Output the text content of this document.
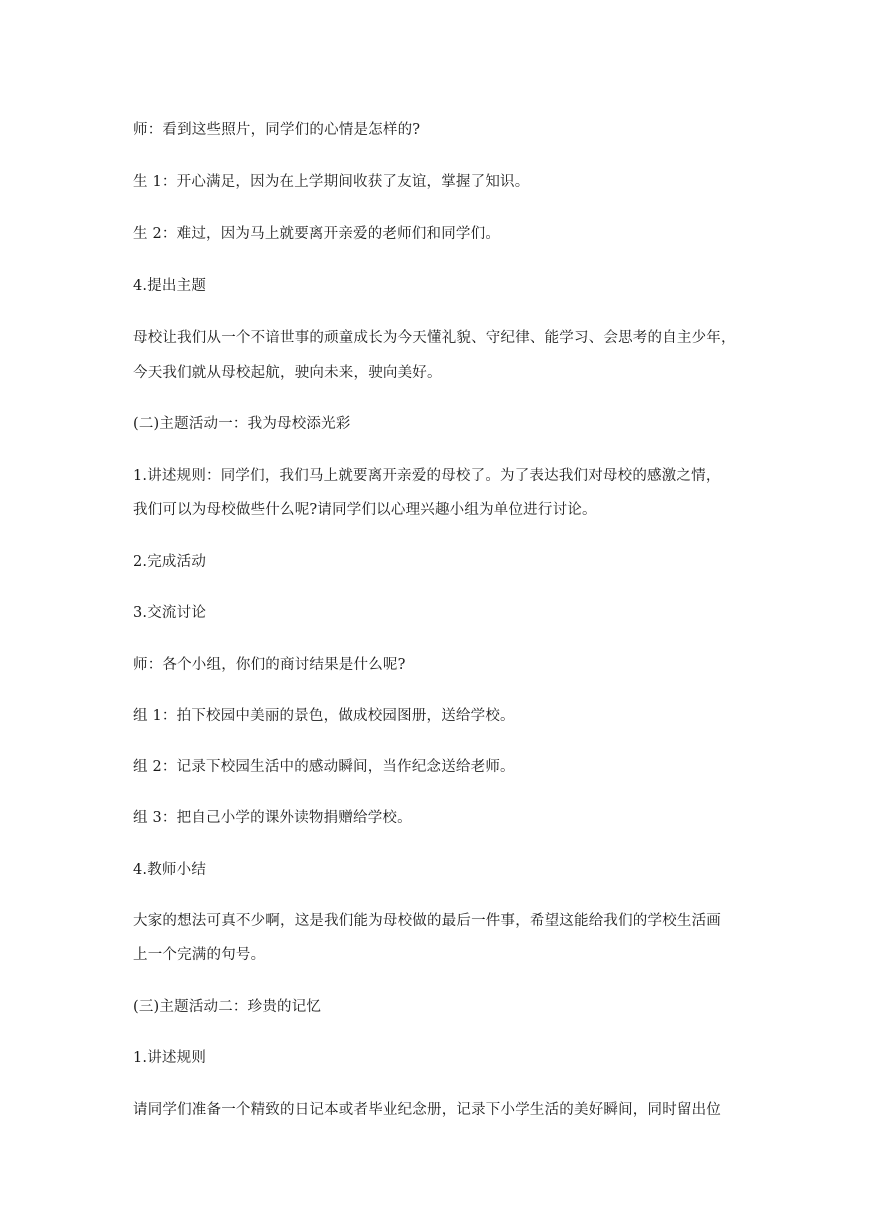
师：看到这些照片，同学们的心情是怎样的?
生 1：开心满足，因为在上学期间收获了友谊，掌握了知识。
生 2：难过，因为马上就要离开亲爱的老师们和同学们。
4.提出主题
母校让我们从一个不谙世事的顽童成长为今天懂礼貌、守纪律、能学习、会思考的自主少年，
今天我们就从母校起航，驶向未来，驶向美好。
(二)主题活动一：我为母校添光彩
1.讲述规则：同学们，我们马上就要离开亲爱的母校了。为了表达我们对母校的感激之情，
我们可以为母校做些什么呢?请同学们以心理兴趣小组为单位进行讨论。
2.完成活动
3.交流讨论
师：各个小组，你们的商讨结果是什么呢?
组 1：拍下校园中美丽的景色，做成校园图册，送给学校。
组 2：记录下校园生活中的感动瞬间，当作纪念送给老师。
组 3：把自己小学的课外读物捐赠给学校。
4.教师小结
大家的想法可真不少啊，这是我们能为母校做的最后一件事，希望这能给我们的学校生活画
上一个完满的句号。
(三)主题活动二：珍贵的记忆
1.讲述规则
请同学们准备一个精致的日记本或者毕业纪念册，记录下小学生活的美好瞬间，同时留出位
